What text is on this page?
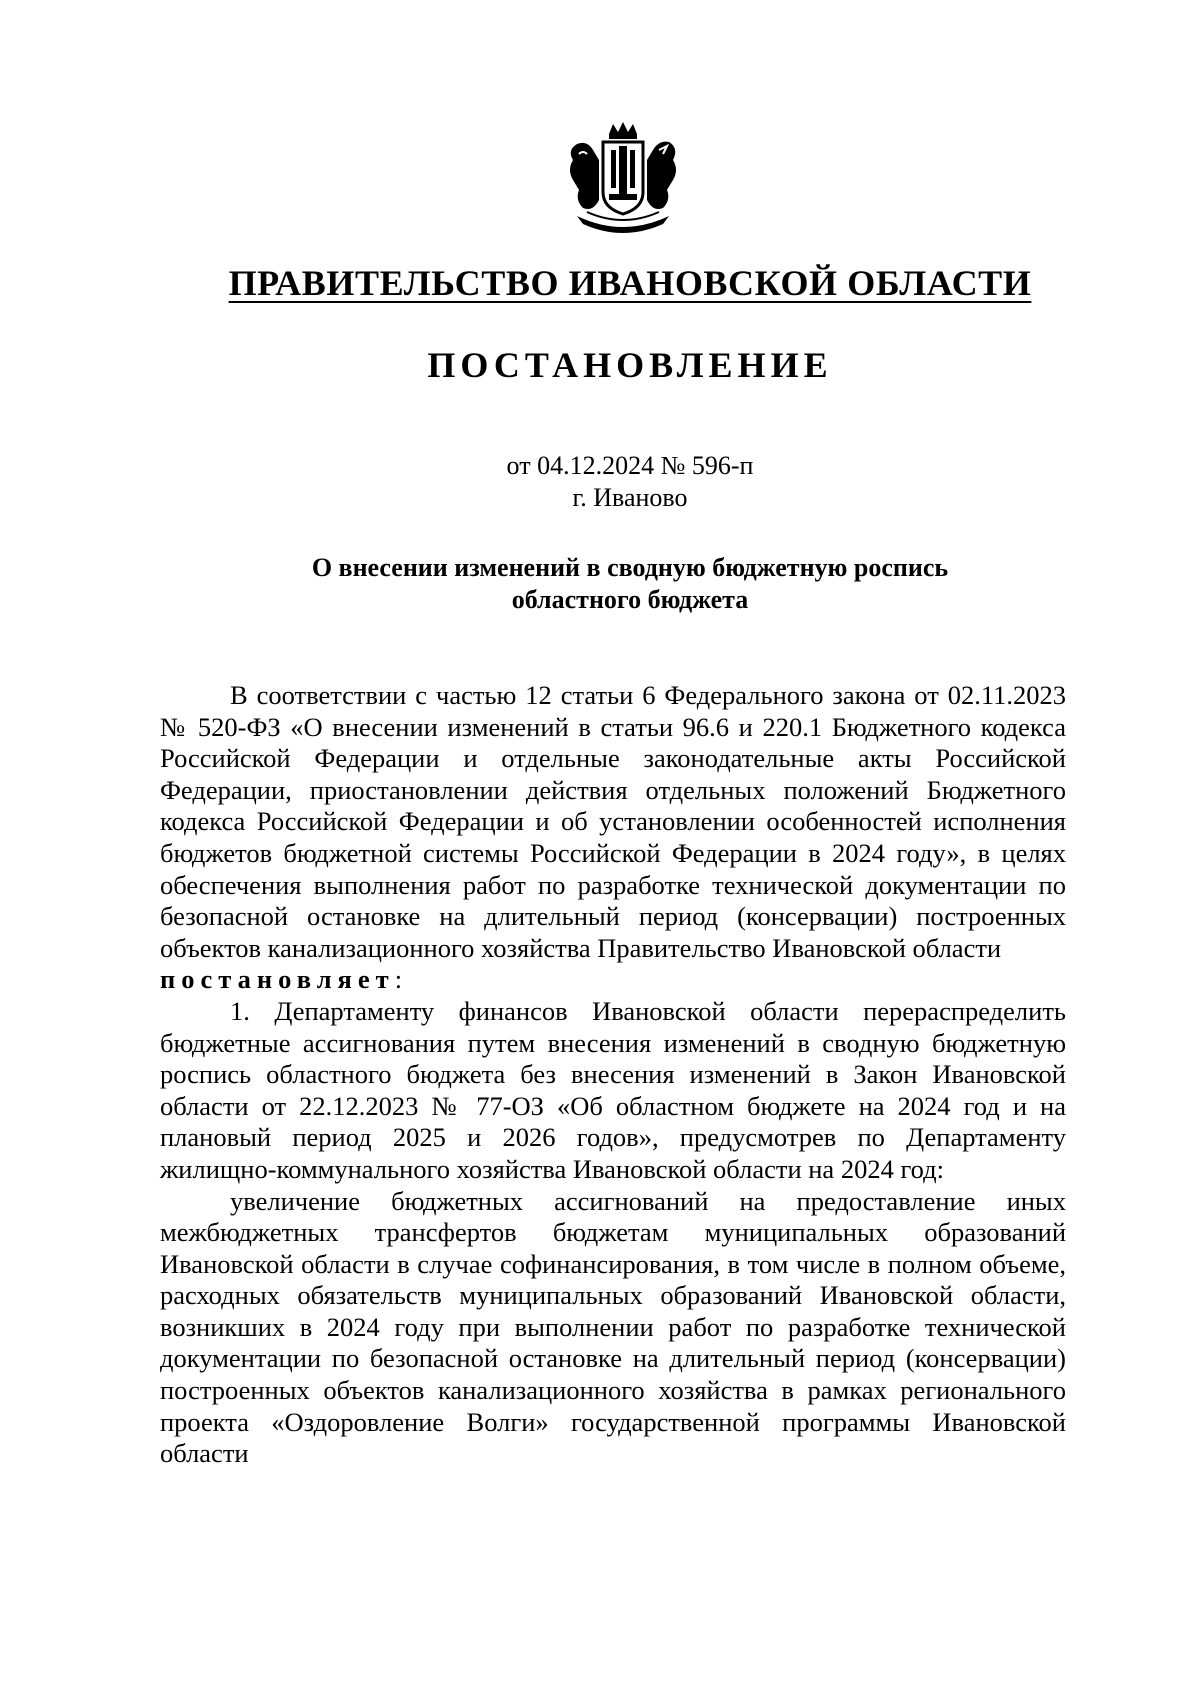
ПРАВИТЕЛЬСТВО ИВАНОВСКОЙ ОБЛАСТИ
ПОСТАНОВЛЕНИЕ
от 04.12.2024 № 596-п
г. Иваново
О внесении изменений в сводную бюджетную роспись
областного бюджета

В соответствии с частью 12 статьи 6 Федерального закона от 02.11.2023 № 520-ФЗ «О внесении изменений в статьи 96.6 и 220.1 Бюджетного кодекса Российской Федерации и отдельные законодательные акты Российской Федерации, приостановлении действия отдельных положений Бюджетного кодекса Российской Федерации и об установлении особенностей исполнения бюджетов бюджетной системы Российской Федерации в 2024 году», в целях обеспечения выполнения работ по разработке технической документации по безопасной остановке на длительный период (консервации) построенных объектов канализационного хозяйства Правительство Ивановской области

постановляет:

1. Департаменту финансов Ивановской области перераспределить бюджетные ассигнования путем внесения изменений в сводную бюджетную роспись областного бюджета без внесения изменений в Закон Ивановской области от 22.12.2023 № 77-ОЗ «Об областном бюджете на 2024 год и на плановый период 2025 и 2026 годов», предусмотрев по Департаменту жилищно-коммунального хозяйства Ивановской области на 2024 год:

увеличение бюджетных ассигнований на предоставление иных межбюджетных трансфертов бюджетам муниципальных образований Ивановской области в случае софинансирования, в том числе в полном объеме, расходных обязательств муниципальных образований Ивановской области, возникших в 2024 году при выполнении работ по разработке технической документации по безопасной остановке на длительный период (консервации) построенных объектов канализационного хозяйства в рамках регионального проекта «Оздоровление Волги» государственной программы Ивановской области
